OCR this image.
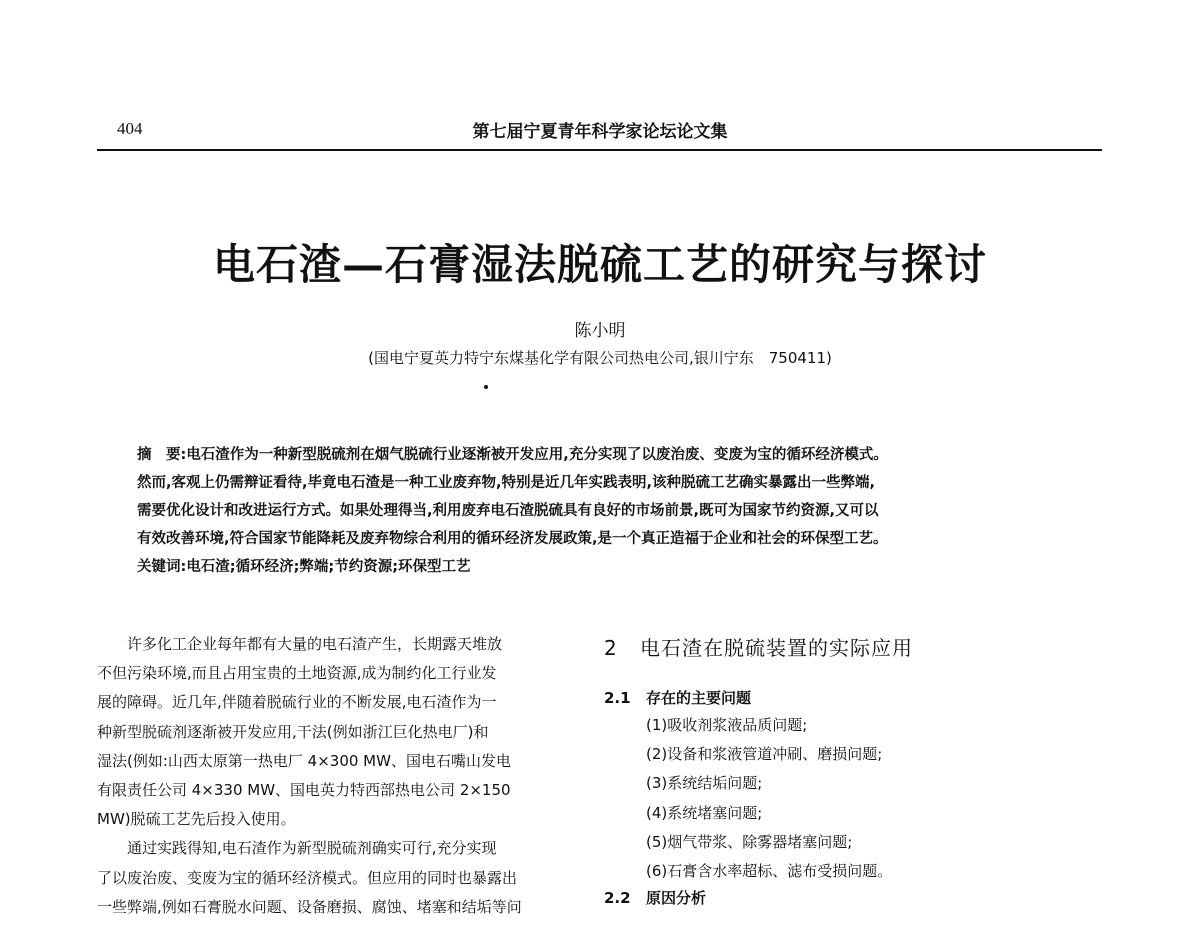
404	第七届宁夏青年科学家论坛论文集
电石渣—石膏湿法脱硫工艺的研究与探讨
陈小明
(国电宁夏英力特宁东煤基化学有限公司热电公司,银川宁东　750411)
摘　要:电石渣作为一种新型脱硫剂在烟气脱硫行业逐渐被开发应用,充分实现了以废治废、变废为宝的循环经济模式。
然而,客观上仍需辩证看待,毕竟电石渣是一种工业废弃物,特别是近几年实践表明,该种脱硫工艺确实暴露出一些弊端,
需要优化设计和改进运行方式。如果处理得当,利用废弃电石渣脱硫具有良好的市场前景,既可为国家节约资源,又可以
有效改善环境,符合国家节能降耗及废弃物综合利用的循环经济发展政策,是一个真正造福于企业和社会的环保型工艺。
关键词:电石渣;循环经济;弊端;节约资源;环保型工艺
许多化工企业每年都有大量的电石渣产生，长期露天堆放
不但污染环境,而且占用宝贵的土地资源,成为制约化工行业发
展的障碍。近几年,伴随着脱硫行业的不断发展,电石渣作为一
种新型脱硫剂逐渐被开发应用,干法(例如浙江巨化热电厂)和
湿法(例如:山西太原第一热电厂 4×300 MW、国电石嘴山发电
有限责任公司 4×330 MW、国电英力特西部热电公司 2×150
MW)脱硫工艺先后投入使用。
通过实践得知,电石渣作为新型脱硫剂确实可行,充分实现
了以废治废、变废为宝的循环经济模式。但应用的同时也暴露出
一些弊端,例如石膏脱水问题、设备磨损、腐蚀、堵塞和结垢等问
2 电石渣在脱硫装置的实际应用
2.1 存在的主要问题
(1)吸收剂浆液品质问题;
(2)设备和浆液管道冲刷、磨损问题;
(3)系统结垢问题;
(4)系统堵塞问题;
(5)烟气带浆、除雾器堵塞问题;
(6)石膏含水率超标、滤布受损问题。
2.2 原因分析
